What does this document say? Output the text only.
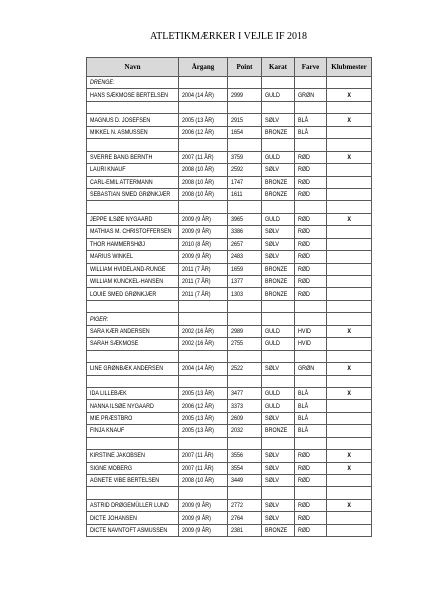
ATLETIKMÆRKER I VEJLE IF 2018
Navn	Årgang	Point	Karat	Farve	Klubmester
DRENGE:					
HANS SÆKMOSE BERTELSEN	2004 (14 ÅR)	2999	GULD	GRØN	X

MAGNUS D. JOSEFSEN	2005 (13 ÅR)	2915	SØLV	BLÅ	X
MIKKEL N. ASMUSSEN	2006 (12 ÅR)	1654	BRONZE	BLÅ	

SVERRE BANG BERNTH	2007 (11 ÅR)	3759	GULD	RØD	X
LAURI KNAUF	2008 (10 ÅR)	2592	SØLV	RØD	
CARL-EMIL ATTERMANN	2008 (10 ÅR)	1747	BRONZE	RØD	
SEBASTIAN SMED GRØNKJÆR	2008 (10 ÅR)	1611	BRONZE	RØD	

JEPPE ILSØE NYGAARD	2009 (9 ÅR)	3965	GULD	RØD	X
MATHIAS M. CHRISTOFFERSEN	2009 (9 ÅR)	3386	SØLV	RØD	
THOR HAMMERSHØJ	2010 (8 ÅR)	2657	SØLV	RØD	
MARIUS WINKEL	2009 (9 ÅR)	2483	SØLV	RØD	
WILLIAM HVIDELAND-RUNGE	2011 (7 ÅR)	1659	BRONZE	RØD	
WILLIAM KUNCKEL-HANSEN	2011 (7 ÅR)	1377	BRONZE	RØD	
LOUIE SMED GRØNKJÆR	2011 (7 ÅR)	1303	BRONZE	RØD	

PIGER:					
SARA KÆR ANDERSEN	2002 (16 ÅR)	2989	GULD	HVID	X
SARAH SÆKMOSE	2002 (16 ÅR)	2755	GULD	HVID	

LINE GRØNBÆK ANDERSEN	2004 (14 ÅR)	2522	SØLV	GRØN	X

IDA LILLEBÆK	2005 (13 ÅR)	3477	GULD	BLÅ	X
NANNA ILSØE NYGAARD	2006 (12 ÅR)	3373	GULD	BLÅ	
MIE PRÆSTBRO	2005 (13 ÅR)	2609	SØLV	BLÅ	
FINJA KNAUF	2005 (13 ÅR)	2032	BRONZE	BLÅ	

KIRSTINE JAKOBSEN	2007 (11 ÅR)	3556	SØLV	RØD	X
SIGNE MOBERG	2007 (11 ÅR)	3554	SØLV	RØD	X
AGNETE VIBE BERTELSEN	2008 (10 ÅR)	3449	SØLV	RØD	

ASTRID DRØGEMÜLLER LUND	2009 (9 ÅR)	2772	SØLV	RØD	X
DICTE JOHANSEN	2009 (9 ÅR)	2764	SØLV	RØD	
DICTE NAVNTOFT ASMUSSEN	2009 (9 ÅR)	2381	BRONZE	RØD	
